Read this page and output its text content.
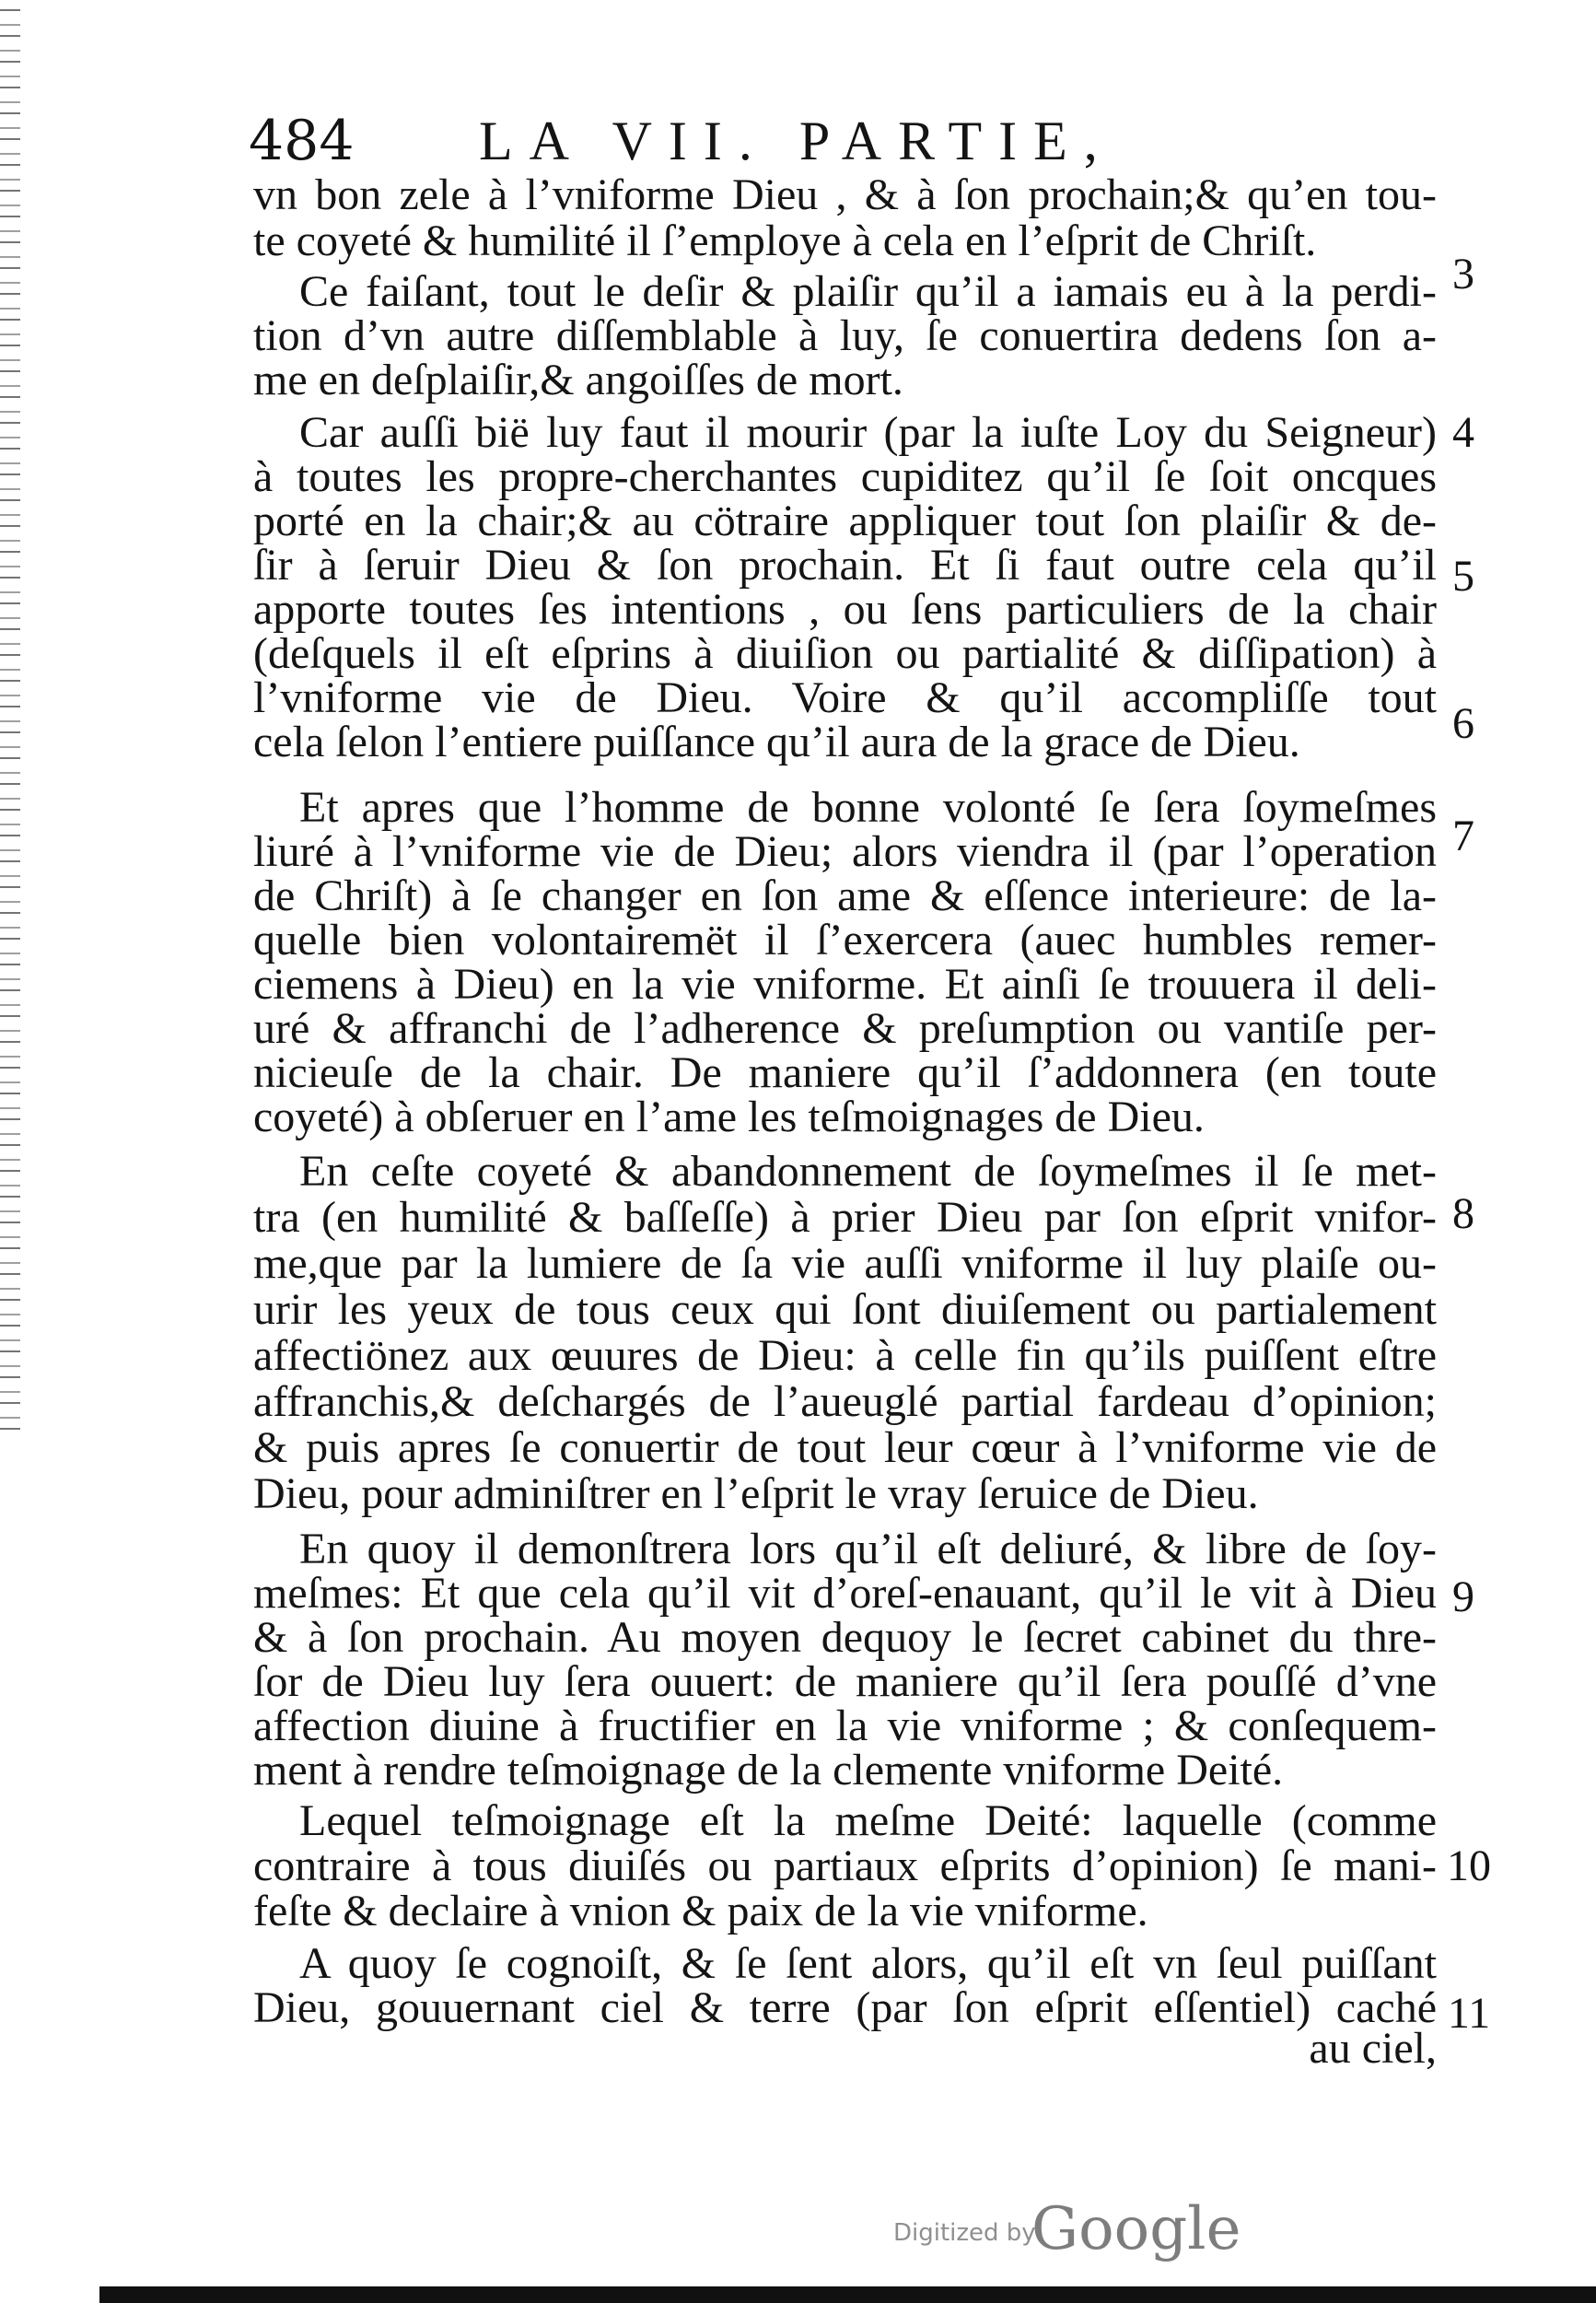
484 LA VII. PARTIE,
vn bon zele à l’vniforme Dieu , & à ſon prochain;& qu’en tou-
te coyeté & humilité il ſ’employe à cela en l’eſprit de Chriſt.
Ce faiſant, tout le deſir & plaiſir qu’il a iamais eu à la perdi-
tion d’vn autre diſſemblable à luy, ſe conuertira dedens ſon a-
me en deſplaiſir,& angoiſſes de mort.
Car auſſi bië luy faut il mourir (par la iuſte Loy du Seigneur)
à toutes les propre-cherchantes cupiditez qu’il ſe ſoit oncques
porté en la chair;& au cötraire appliquer tout ſon plaiſir & de-
ſir à ſeruir Dieu & ſon prochain. Et ſi faut outre cela qu’il
apporte toutes ſes intentions , ou ſens particuliers de la chair
(deſquels il eſt eſprins à diuiſion ou partialité & diſſipation) à
l’vniforme vie de Dieu. Voire & qu’il accompliſſe tout
cela ſelon l’entiere puiſſance qu’il aura de la grace de Dieu.
Et apres que l’homme de bonne volonté ſe ſera ſoymeſmes
liuré à l’vniforme vie de Dieu; alors viendra il (par l’operation
de Chriſt) à ſe changer en ſon ame & eſſence interieure: de la-
quelle bien volontairemët il ſ’exercera (auec humbles remer-
ciemens à Dieu) en la vie vniforme. Et ainſi ſe trouuera il deli-
uré & affranchi de l’adherence & preſumption ou vantiſe per-
nicieuſe de la chair. De maniere qu’il ſ’addonnera (en toute
coyeté) à obſeruer en l’ame les teſmoignages de Dieu.
En ceſte coyeté & abandonnement de ſoymeſmes il ſe met-
tra (en humilité & baſſeſſe) à prier Dieu par ſon eſprit vnifor-
me,que par la lumiere de ſa vie auſſi vniforme il luy plaiſe ou-
urir les yeux de tous ceux qui ſont diuiſement ou partialement
affectiönez aux œuures de Dieu: à celle fin qu’ils puiſſent eſtre
affranchis,& deſchargés de l’aueuglé partial fardeau d’opinion;
& puis apres ſe conuertir de tout leur cœur à l’vniforme vie de
Dieu, pour adminiſtrer en l’eſprit le vray ſeruice de Dieu.
En quoy il demonſtrera lors qu’il eſt deliuré, & libre de ſoy-
meſmes: Et que cela qu’il vit d’oreſ-enauant, qu’il le vit à Dieu
& à ſon prochain. Au moyen dequoy le ſecret cabinet du thre-
ſor de Dieu luy ſera ouuert: de maniere qu’il ſera pouſſé d’vne
affection diuine à fructifier en la vie vniforme ; & conſequem-
ment à rendre teſmoignage de la clemente vniforme Deité.
Lequel teſmoignage eſt la meſme Deité: laquelle (comme
contraire à tous diuiſés ou partiaux eſprits d’opinion) ſe mani-
feſte & declaire à vnion & paix de la vie vniforme.
A quoy ſe cognoiſt, & ſe ſent alors, qu’il eſt vn ſeul puiſſant
Dieu, gouuernant ciel & terre (par ſon eſprit eſſentiel) caché
au ciel,
3
4
5
6
7
8
9
10
11
Digitized by
Google
